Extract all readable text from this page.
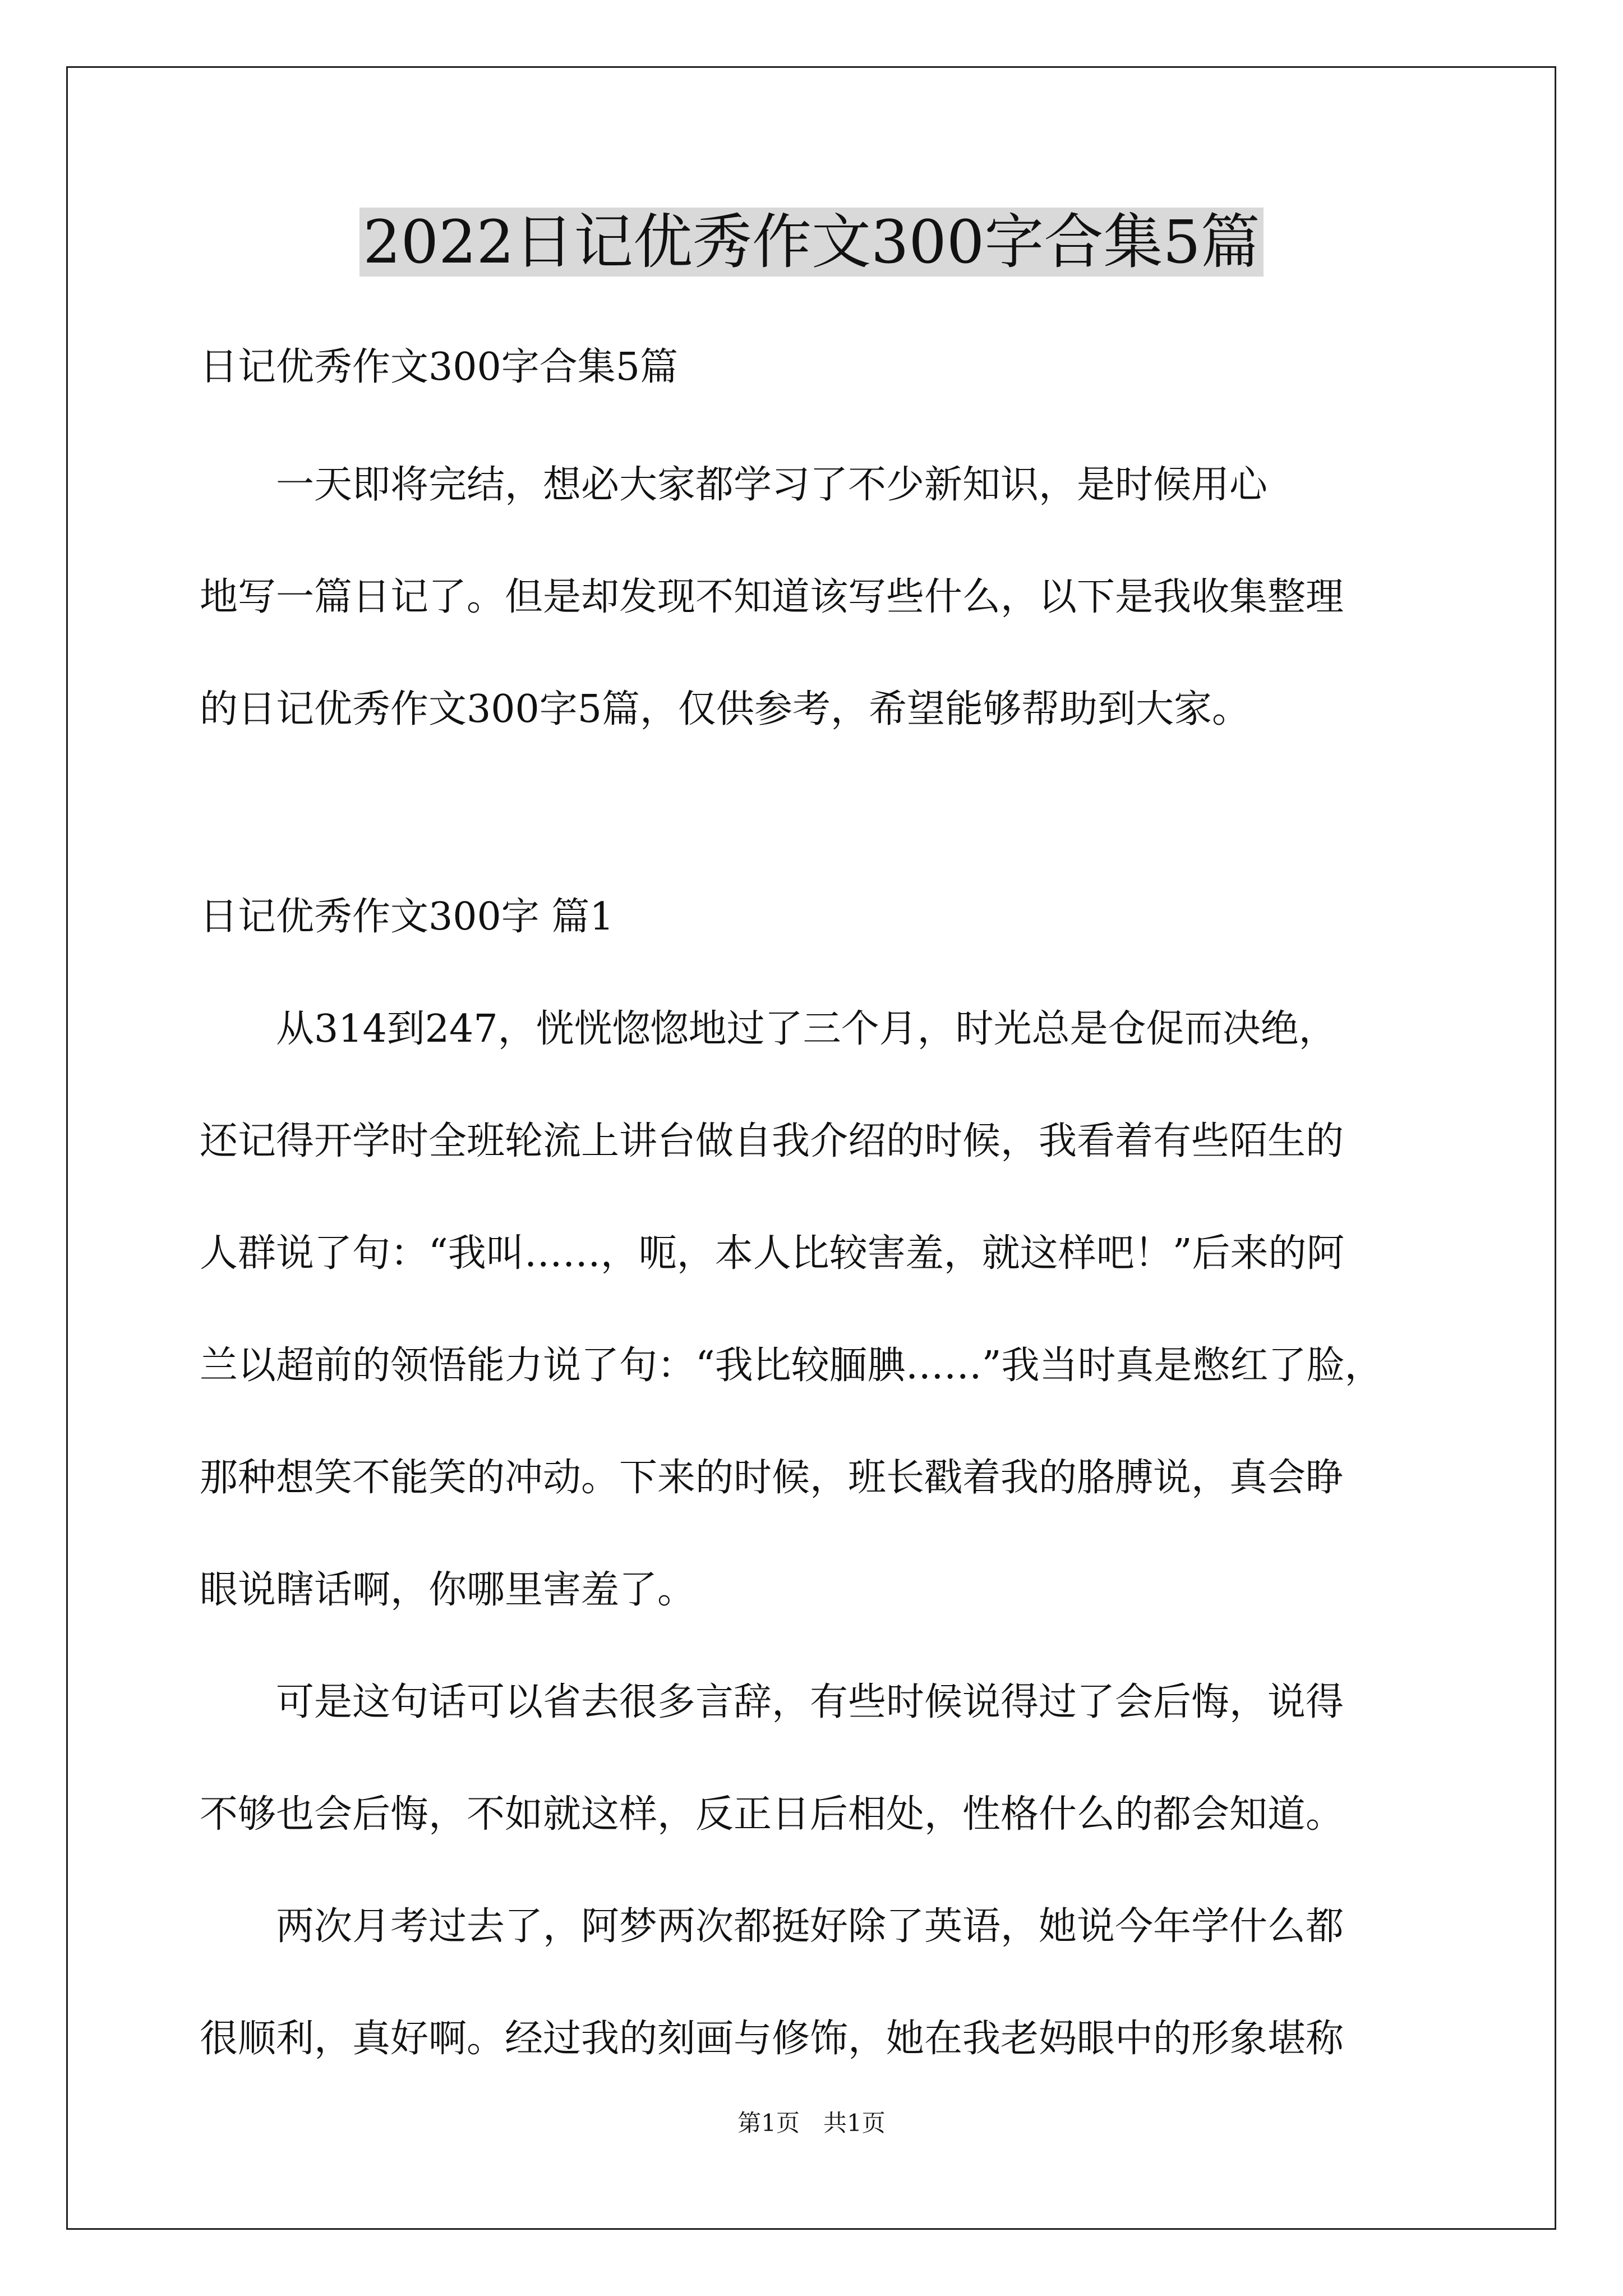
2022日记优秀作文300字合集5篇
日记优秀作文300字合集5篇
　　一天即将完结，想必大家都学习了不少新知识，是时候用心
地写一篇日记了。但是却发现不知道该写些什么，以下是我收集整理
的日记优秀作文300字5篇，仅供参考，希望能够帮助到大家。
日记优秀作文300字 篇1
　　从314到247，恍恍惚惚地过了三个月，时光总是仓促而决绝，
还记得开学时全班轮流上讲台做自我介绍的时候，我看着有些陌生的
人群说了句：“我叫……，呃，本人比较害羞，就这样吧！”后来的阿
兰以超前的领悟能力说了句：“我比较腼腆……”我当时真是憋红了脸，
那种想笑不能笑的冲动。下来的时候，班长戳着我的胳膊说，真会睁
眼说瞎话啊，你哪里害羞了。
　　可是这句话可以省去很多言辞，有些时候说得过了会后悔，说得
不够也会后悔，不如就这样，反正日后相处，性格什么的都会知道。
　　两次月考过去了，阿梦两次都挺好除了英语，她说今年学什么都
很顺利，真好啊。经过我的刻画与修饰，她在我老妈眼中的形象堪称
第1页　共1页
